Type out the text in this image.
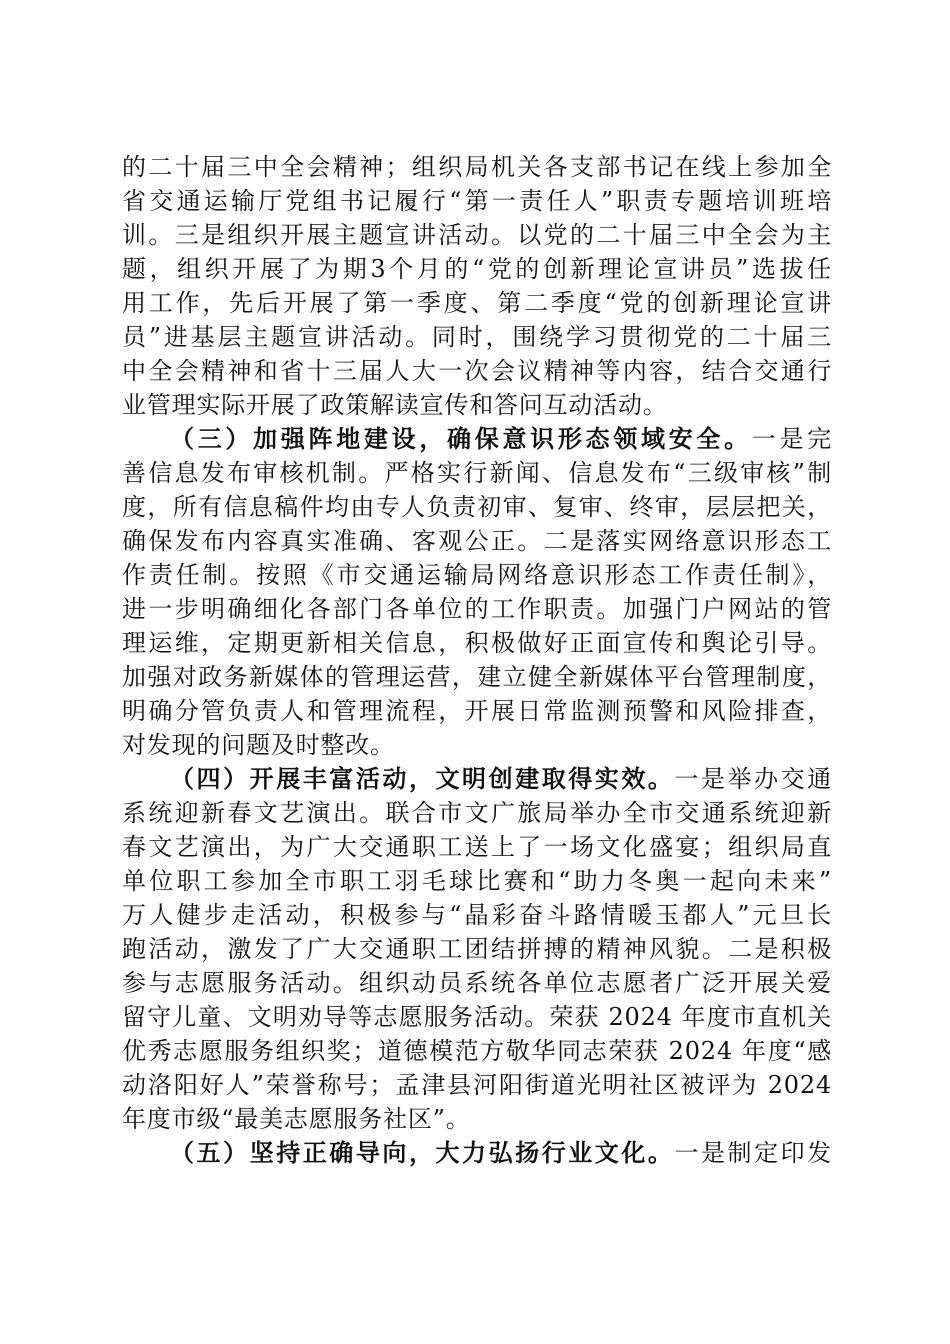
的二十届三中全会精神；组织局机关各支部书记在线上参加全
省交通运输厅党组书记履行“第一责任人”职责专题培训班培
训。三是组织开展主题宣讲活动。以党的二十届三中全会为主
题，组织开展了为期3个月的“党的创新理论宣讲员”选拔任
用工作，先后开展了第一季度、第二季度“党的创新理论宣讲
员”进基层主题宣讲活动。同时，围绕学习贯彻党的二十届三
中全会精神和省十三届人大一次会议精神等内容，结合交通行
业管理实际开展了政策解读宣传和答问互动活动。
（三）加强阵地建设，确保意识形态领域安全。一是完
善信息发布审核机制。严格实行新闻、信息发布“三级审核”制
度，所有信息稿件均由专人负责初审、复审、终审，层层把关，
确保发布内容真实准确、客观公正。二是落实网络意识形态工
作责任制。按照《市交通运输局网络意识形态工作责任制》，
进一步明确细化各部门各单位的工作职责。加强门户网站的管
理运维，定期更新相关信息，积极做好正面宣传和舆论引导。
加强对政务新媒体的管理运营，建立健全新媒体平台管理制度，
明确分管负责人和管理流程，开展日常监测预警和风险排查，
对发现的问题及时整改。
（四）开展丰富活动，文明创建取得实效。一是举办交通
系统迎新春文艺演出。联合市文广旅局举办全市交通系统迎新
春文艺演出，为广大交通职工送上了一场文化盛宴；组织局直
单位职工参加全市职工羽毛球比赛和“助力冬奥一起向未来”
万人健步走活动，积极参与“晶彩奋斗路情暖玉都人”元旦长
跑活动，激发了广大交通职工团结拼搏的精神风貌。二是积极
参与志愿服务活动。组织动员系统各单位志愿者广泛开展关爱
留守儿童、文明劝导等志愿服务活动。荣获 2024 年度市直机关
优秀志愿服务组织奖；道德模范方敬华同志荣获 2024 年度“感
动洛阳好人”荣誉称号；孟津县河阳街道光明社区被评为 2024
年度市级“最美志愿服务社区”。
（五）坚持正确导向，大力弘扬行业文化。一是制定印发
